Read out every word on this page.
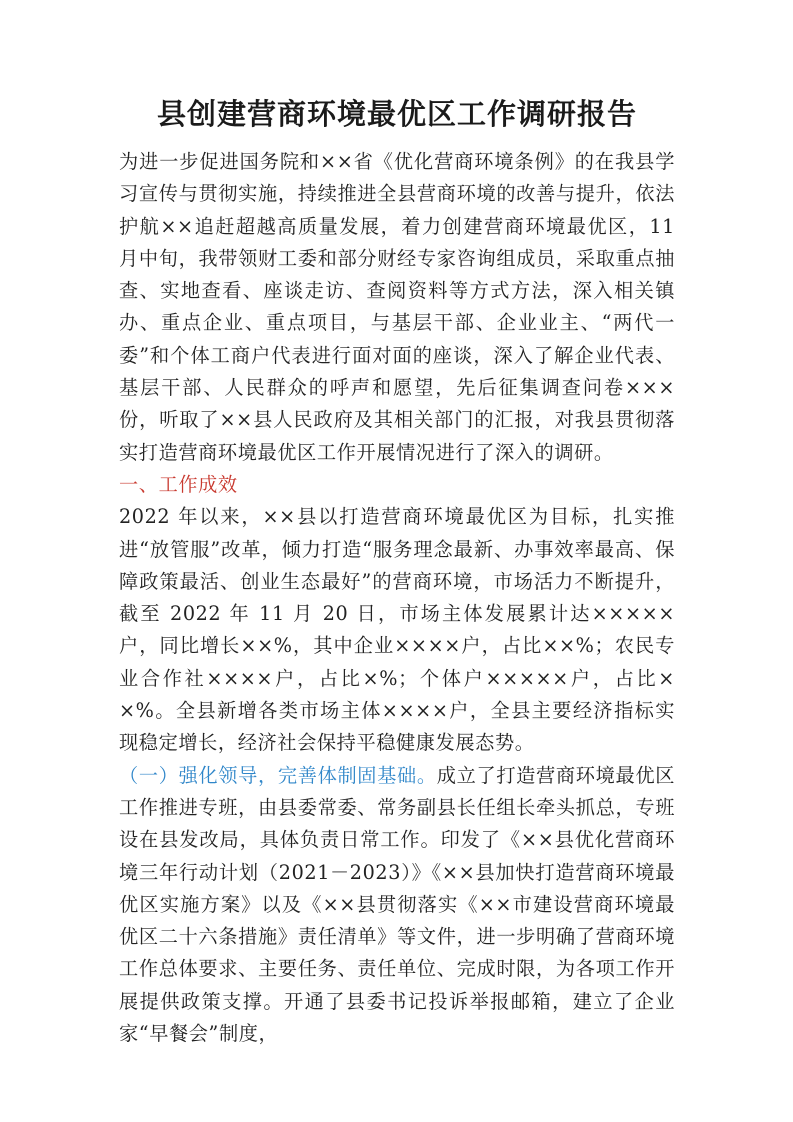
县创建营商环境最优区工作调研报告

为进一步促进国务院和××省《优化营商环境条例》的在我县学习宣传与贯彻实施，持续推进全县营商环境的改善与提升，依法护航××追赶超越高质量发展，着力创建营商环境最优区，11 月中旬，我带领财工委和部分财经专家咨询组成员，采取重点抽查、实地查看、座谈走访、查阅资料等方式方法，深入相关镇办、重点企业、重点项目，与基层干部、企业业主、“两代一委”和个体工商户代表进行面对面的座谈，深入了解企业代表、基层干部、人民群众的呼声和愿望，先后征集调查问卷×××份，听取了××县人民政府及其相关部门的汇报，对我县贯彻落实打造营商环境最优区工作开展情况进行了深入的调研。

一、工作成效

2022 年以来，××县以打造营商环境最优区为目标，扎实推进“放管服”改革，倾力打造“服务理念最新、办事效率最高、保障政策最活、创业生态最好”的营商环境，市场活力不断提升，截至 2022 年 11 月 20 日，市场主体发展累计达×××××户，同比增长××%，其中企业××××户，占比××%；农民专业合作社××××户，占比×%；个体户×××××户，占比××%。全县新增各类市场主体××××户，全县主要经济指标实现稳定增长，经济社会保持平稳健康发展态势。

（一）强化领导，完善体制固基础。成立了打造营商环境最优区工作推进专班，由县委常委、常务副县长任组长牵头抓总，专班设在县发改局，具体负责日常工作。印发了《××县优化营商环境三年行动计划（2021－2023）》《××县加快打造营商环境最优区实施方案》以及《××县贯彻落实《××市建设营商环境最优区二十六条措施》责任清单》等文件，进一步明确了营商环境工作总体要求、主要任务、责任单位、完成时限，为各项工作开展提供政策支撑。开通了县委书记投诉举报邮箱，建立了企业家“早餐会”制度，
